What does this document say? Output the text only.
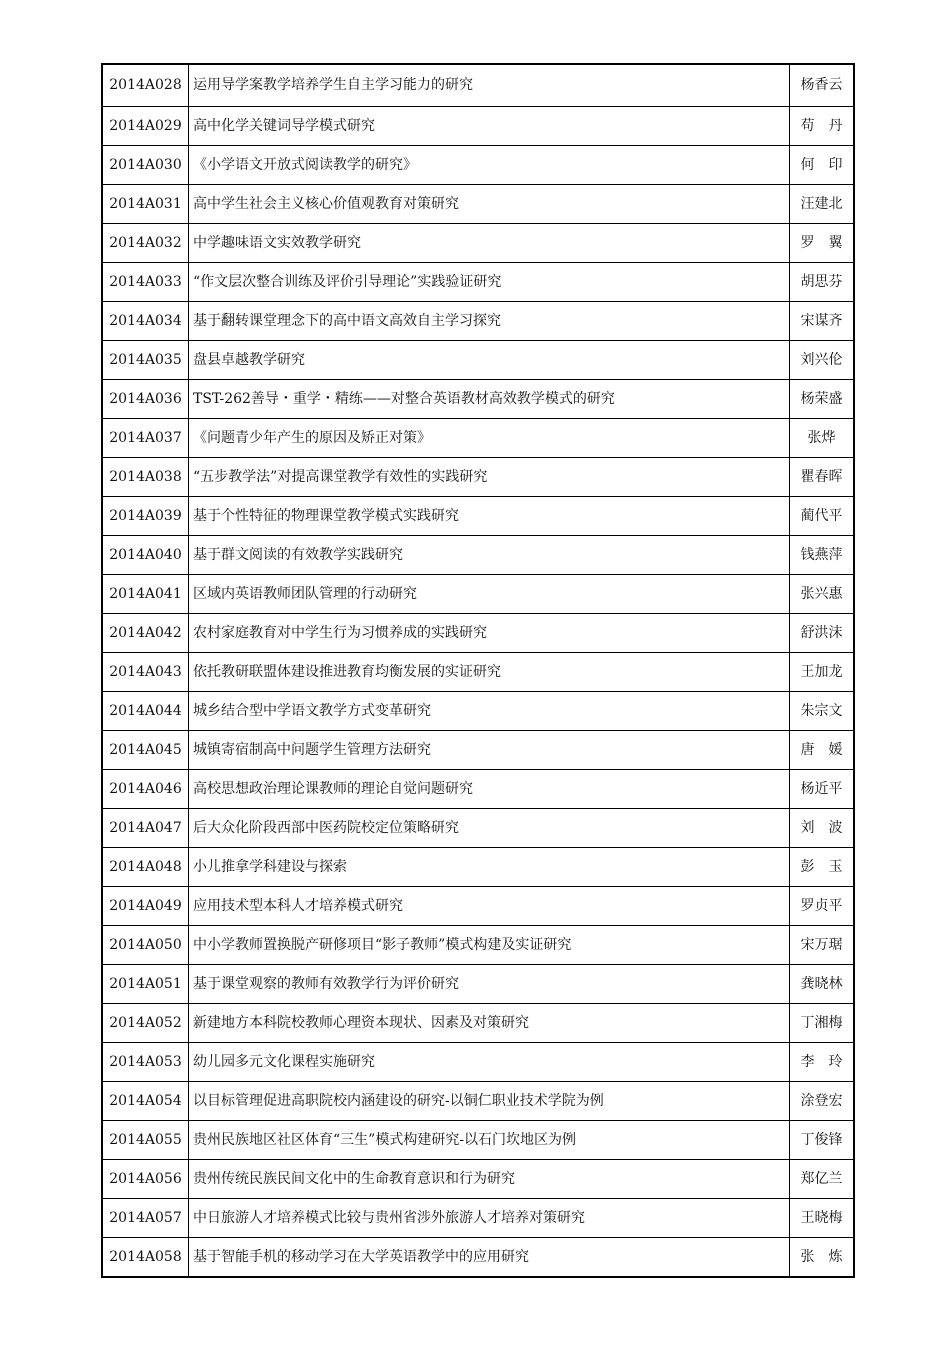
2014A028	运用导学案教学培养学生自主学习能力的研究	杨香云
2014A029	高中化学关键词导学模式研究	苟　丹
2014A030	《小学语文开放式阅读教学的研究》	何　印
2014A031	高中学生社会主义核心价值观教育对策研究	汪建北
2014A032	中学趣味语文实效教学研究	罗　翼
2014A033	“作文层次整合训练及评价引导理论”实践验证研究	胡思芬
2014A034	基于翻转课堂理念下的高中语文高效自主学习探究	宋谋齐
2014A035	盘县卓越教学研究	刘兴伦
2014A036	TST-262善导・重学・精练——对整合英语教材高效教学模式的研究	杨荣盛
2014A037	《问题青少年产生的原因及矫正对策》	张烨
2014A038	“五步教学法”对提高课堂教学有效性的实践研究	瞿春晖
2014A039	基于个性特征的物理课堂教学模式实践研究	蔺代平
2014A040	基于群文阅读的有效教学实践研究	钱燕萍
2014A041	区域内英语教师团队管理的行动研究	张兴惠
2014A042	农村家庭教育对中学生行为习惯养成的实践研究	舒洪沫
2014A043	依托教研联盟体建设推进教育均衡发展的实证研究	王加龙
2014A044	城乡结合型中学语文教学方式变革研究	朱宗文
2014A045	城镇寄宿制高中问题学生管理方法研究	唐　媛
2014A046	高校思想政治理论课教师的理论自觉问题研究	杨近平
2014A047	后大众化阶段西部中医药院校定位策略研究	刘　波
2014A048	小儿推拿学科建设与探索	彭　玉
2014A049	应用技术型本科人才培养模式研究	罗贞平
2014A050	中小学教师置换脱产研修项目“影子教师”模式构建及实证研究	宋万琚
2014A051	基于课堂观察的教师有效教学行为评价研究	龚晓林
2014A052	新建地方本科院校教师心理资本现状、因素及对策研究	丁湘梅
2014A053	幼儿园多元文化课程实施研究	李　玲
2014A054	以目标管理促进高职院校内涵建设的研究-以铜仁职业技术学院为例	涂登宏
2014A055	贵州民族地区社区体育“三生”模式构建研究-以石门坎地区为例	丁俊锋
2014A056	贵州传统民族民间文化中的生命教育意识和行为研究	郑亿兰
2014A057	中日旅游人才培养模式比较与贵州省涉外旅游人才培养对策研究	王晓梅
2014A058	基于智能手机的移动学习在大学英语教学中的应用研究	张　炼
